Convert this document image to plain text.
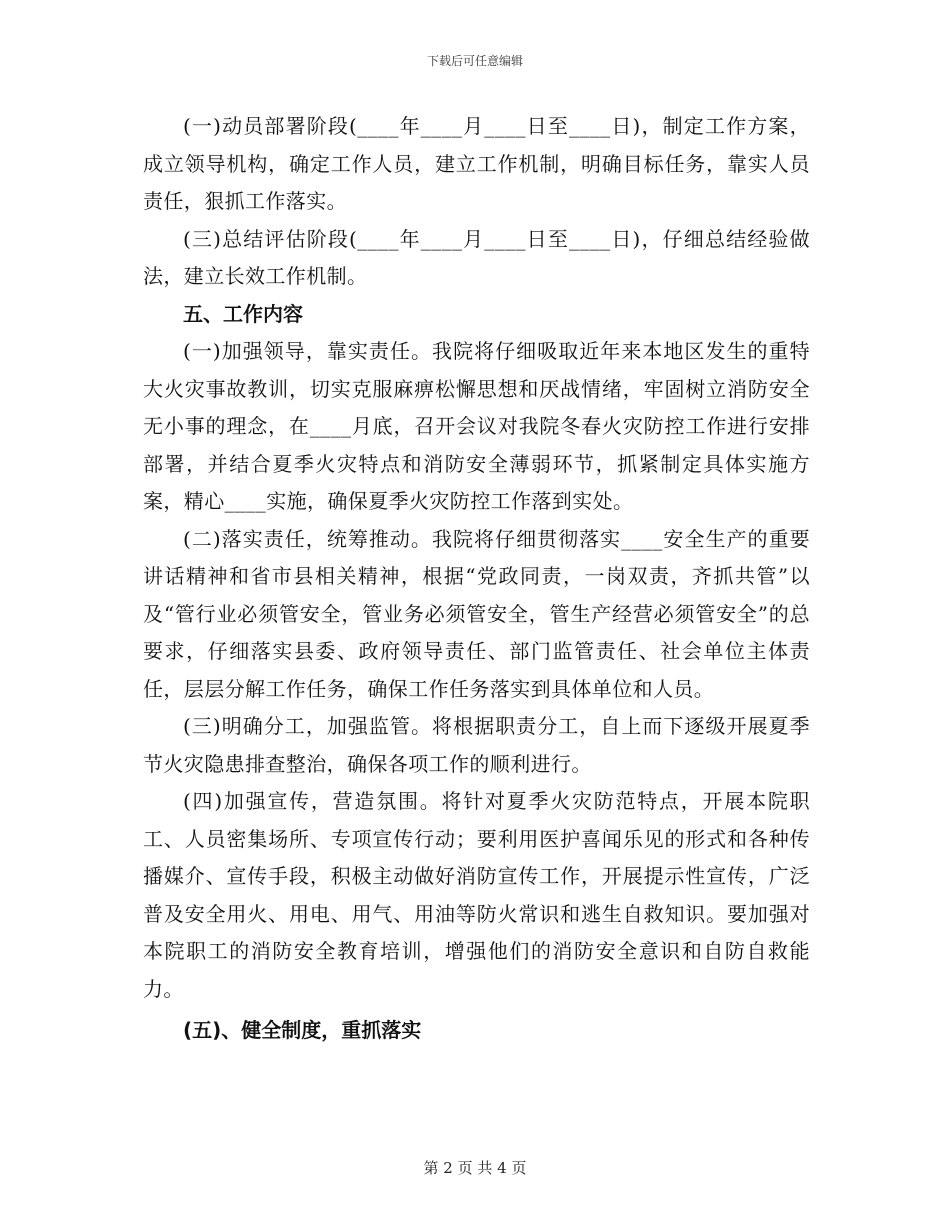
下载后可任意编辑

(一)动员部署阶段(____年____月____日至____日)，制定工作方案，成立领导机构，确定工作人员，建立工作机制，明确目标任务，靠实人员责任，狠抓工作落实。

(三)总结评估阶段(____年____月____日至____日)，仔细总结经验做法，建立长效工作机制。

五、工作内容

(一)加强领导，靠实责任。我院将仔细吸取近年来本地区发生的重特大火灾事故教训，切实克服麻痹松懈思想和厌战情绪，牢固树立消防安全无小事的理念，在____月底，召开会议对我院冬春火灾防控工作进行安排部署，并结合夏季火灾特点和消防安全薄弱环节，抓紧制定具体实施方案，精心____实施，确保夏季火灾防控工作落到实处。

(二)落实责任，统筹推动。我院将仔细贯彻落实____安全生产的重要讲话精神和省市县相关精神，根据“党政同责，一岗双责，齐抓共管”以及“管行业必须管安全，管业务必须管安全，管生产经营必须管安全”的总要求，仔细落实县委、政府领导责任、部门监管责任、社会单位主体责任，层层分解工作任务，确保工作任务落实到具体单位和人员。

(三)明确分工，加强监管。将根据职责分工，自上而下逐级开展夏季节火灾隐患排查整治，确保各项工作的顺利进行。

(四)加强宣传，营造氛围。将针对夏季火灾防范特点，开展本院职工、人员密集场所、专项宣传行动；要利用医护喜闻乐见的形式和各种传播媒介、宣传手段，积极主动做好消防宣传工作，开展提示性宣传，广泛普及安全用火、用电、用气、用油等防火常识和逃生自救知识。要加强对本院职工的消防安全教育培训，增强他们的消防安全意识和自防自救能力。

(五)、健全制度，重抓落实

第 2 页 共 4 页
